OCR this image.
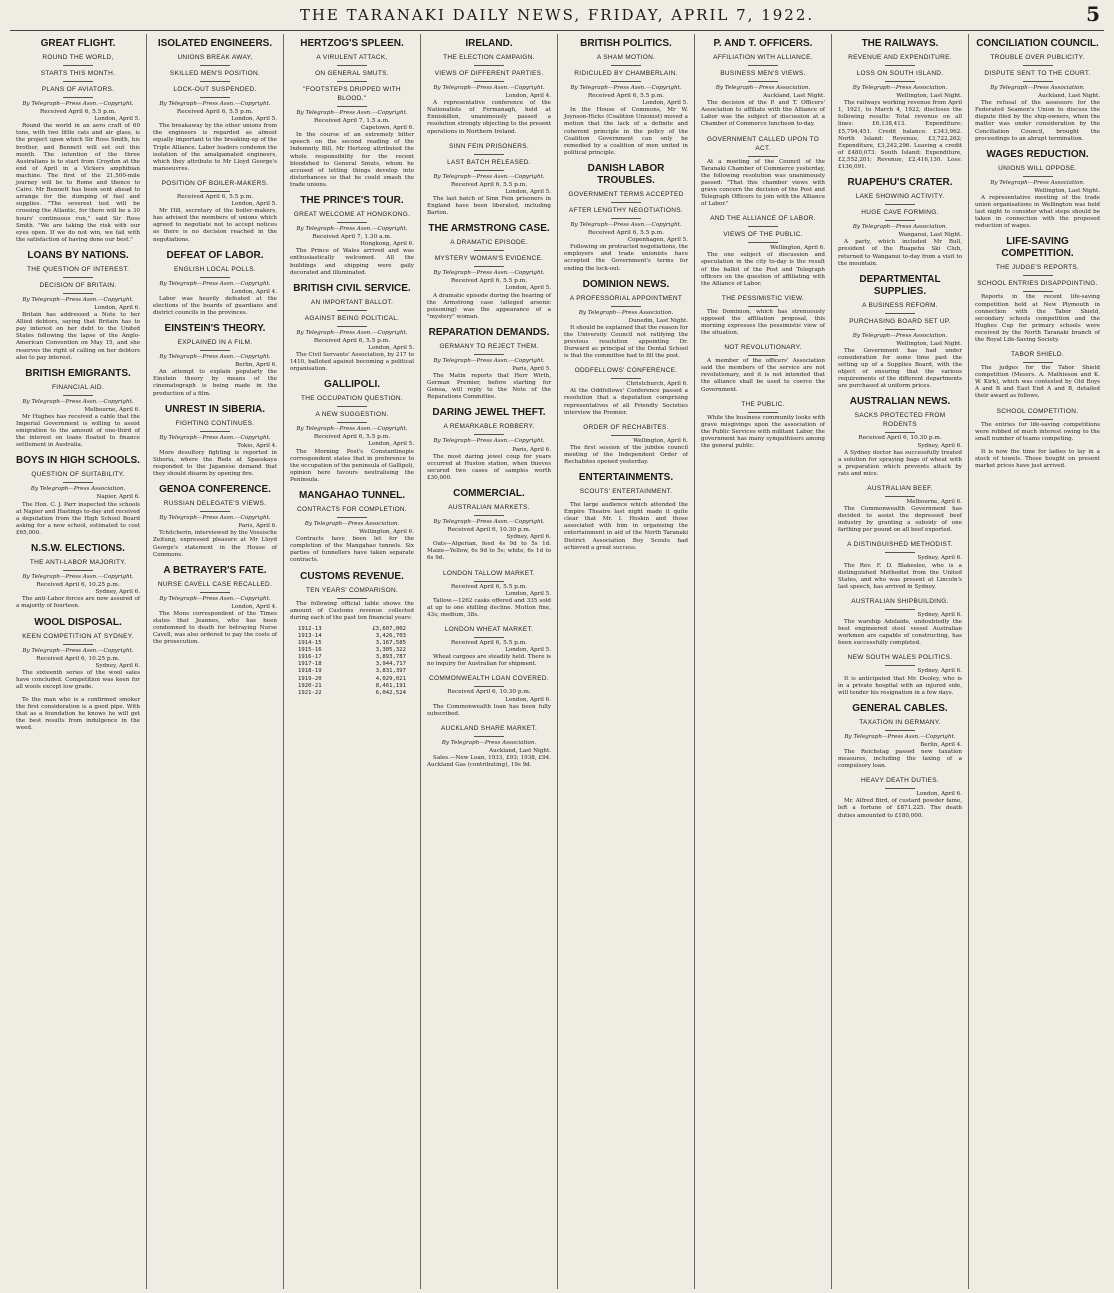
THE TARANAKI DAILY NEWS, FRIDAY, APRIL 7, 1922.	5
GREAT FLIGHT.
ROUND THE WORLD,
STARTS THIS MONTH.
PLANS OF AVIATORS.
By Telegraph—Press Assn.—Copyright.
Received April 6, 5.5 p.m.
London, April 5.
Round the world in an aero craft of 60 tons, with two little cats and air glass, is the project upon which Sir Ross Smith, his brother, and Bennett will set out this month. The intention of the three Australians is to start from Croydon at the end of April in a Vickers amphibian machine. The first of the 21,500-mile journey will be to Rome and thence to Cairo. Mr Bennett has been sent ahead to arrange for the dumping of fuel and supplies. "The severest test will be crossing the Atlantic, for there will be a 30 hours' continuous run," said Sir Ross Smith. "We are taking the risk with our eyes open. If we do not win, we fail with the satisfaction of having done our best."
LOANS BY NATIONS.
THE QUESTION OF INTEREST.
DECISION OF BRITAIN.
By Telegraph—Press Assn.—Copyright.
London, April 6.
Britain has addressed a Note to her Allied debtors, saying that Britain has to pay interest on her debt to the United States following the lapse of the Anglo-American Convention on May 15, and she reserves the right of calling on her debtors also to pay interest.
BRITISH EMIGRANTS.
FINANCIAL AID.
By Telegraph—Press Assn.—Copyright.
Melbourne, April 6.
Mr Hughes has received a cable that the Imperial Government is willing to assist emigration to the amount of one-third of the interest on loans floated to finance settlement in Australia.
BOYS IN HIGH SCHOOLS.
QUESTION OF SUITABILITY.
By Telegraph—Press Association.
Napier, April 6.
The Hon. C. J. Parr inspected the schools at Napier and Hastings to-day and received a deputation from the High School Board asking for a new school, estimated to cost £65,000.
N.S.W. ELECTIONS.
THE ANTI-LABOR MAJORITY.
By Telegraph—Press Assn.—Copyright.
Received April 6, 10.25 p.m.
Sydney, April 6.
The anti-Labor forces are now assured of a majority of fourteen.
WOOL DISPOSAL.
KEEN COMPETITION AT SYDNEY.
By Telegraph—Press Assn.—Copyright.
Received April 6, 10.25 p.m.
Sydney, April 6.
The sixteenth series of the wool sales have concluded. Competition was keen for all wools except low grade.
To the man who is a confirmed smoker the first consideration is a good pipe. With that as a foundation he knows he will get the best results from indulgence in the weed.
ISOLATED ENGINEERS.
UNIONS BREAK AWAY,
SKILLED MEN'S POSITION.
LOCK-OUT SUSPENDED.
By Telegraph—Press Assn.—Copyright.
Received April 6, 5.5 p.m.
London, April 5.
The breakaway by the other unions from the engineers is regarded as almost equally important to the breaking-up of the Triple Alliance. Labor leaders condemn the isolation of the amalgamated engineers, which they attribute to Mr Lloyd George's manoeuvres.
POSITION OF BOILER-MAKERS.
Received April 6, 5.5 p.m.
London, April 5.
Mr Hill, secretary of the boiler-makers, has advised the members of unions which agreed to negotiate not to accept notices as there is no decision reached in the negotiations.
DEFEAT OF LABOR.
ENGLISH LOCAL POLLS.
By Telegraph—Press Assn.—Copyright.
London, April 4.
Labor was heavily defeated at the elections of the boards of guardians and district councils in the provinces.
EINSTEIN'S THEORY.
EXPLAINED IN A FILM.
By Telegraph—Press Assn.—Copyright.
Berlin, April 6.
An attempt to explain popularly the Einstein theory by means of the cinematograph is being made in the production of a film.
UNREST IN SIBERIA.
FIGHTING CONTINUES.
By Telegraph—Press Assn.—Copyright.
Tokio, April 4.
More desultory fighting is reported in Siberia, where the Reds at Spasskaya responded to the Japanese demand that they should disarm by opening fire.
GENOA CONFERENCE.
RUSSIAN DELEGATE'S VIEWS.
By Telegraph—Press Assn.—Copyright.
Paris, April 6.
Tchitcherin, interviewed by the Vossische Zeitung, expressed pleasure at Mr Lloyd George's statement in the House of Commons.
A BETRAYER'S FATE.
NURSE CAVELL CASE RECALLED.
By Telegraph—Press Assn.—Copyright.
London, April 4.
The Mons correspondent of the Times states that Jeannes, who has been condemned to death for betraying Nurse Cavell, was also ordered to pay the costs of the prosecution.
HERTZOG'S SPLEEN.
A VIRULENT ATTACK,
ON GENERAL SMUTS.
"FOOTSTEPS DRIPPED WITH BLOOD."
By Telegraph—Press Assn.—Copyright.
Received April 7, 1.5 a.m.
Capetown, April 6.
In the course of an extremely bitter speech on the second reading of the Indemnity Bill, Mr Hertzog attributed the whole responsibility for the recent bloodshed to General Smuts, whom he accused of letting things develop into disturbances so that he could smash the trade unions.
THE PRINCE'S TOUR.
GREAT WELCOME AT HONGKONG.
By Telegraph—Press Assn.—Copyright.
Received April 7, 1.30 a.m.
Hongkong, April 6.
The Prince of Wales arrived and was enthusiastically welcomed. All the buildings and shipping were gaily decorated and illuminated.
BRITISH CIVIL SERVICE.
AN IMPORTANT BALLOT.
AGAINST BEING POLITICAL.
By Telegraph—Press Assn.—Copyright.
Received April 6, 5.5 p.m.
London, April 5.
The Civil Servants' Association, by 217 to 1410, balloted against becoming a political organisation.
GALLIPOLI.
THE OCCUPATION QUESTION.
A NEW SUGGESTION.
By Telegraph—Press Assn.—Copyright.
Received April 6, 5.5 p.m.
London, April 5.
The Morning Post's Constantinople correspondent states that in preference to the occupation of the peninsula of Gallipoli, opinion here favours neutralising the Peninsula.
MANGAHAO TUNNEL.
CONTRACTS FOR COMPLETION.
By Telegraph—Press Association.
Wellington, April 6.
Contracts have been let for the completion of the Mangahao tunnels. Six parties of tunnellers have taken separate contracts.
CUSTOMS REVENUE.
TEN YEARS' COMPARISON.
The following official table shows the amount of Customs revenue collected during each of the past ten financial years:
1912-13	£3,607,002
1913-14	3,426,703
1914-15	3,167,585
1915-16	3,305,322
1916-17	3,893,787
1917-18	3,944,717
1918-19	3,831,397
1919-20	4,029,021
1920-21	8,461,191
1921-22	6,042,524
IRELAND.
THE ELECTION CAMPAIGN.
VIEWS OF DIFFERENT PARTIES.
By Telegraph—Press Assn.—Copyright.
London, April 4.
A representative conference of the Nationalists of Fermanagh, held at Enniskillen, unanimously passed a resolution strongly objecting to the present operations in Northern Ireland.
SINN FEIN PRISONERS.
LAST BATCH RELEASED.
By Telegraph—Press Assn.—Copyright.
Received April 6, 5.5 p.m.
London, April 5.
The last batch of Sinn Fein prisoners in England have been liberated, including Barton.
THE ARMSTRONG CASE.
A DRAMATIC EPISODE.
MYSTERY WOMAN'S EVIDENCE.
By Telegraph—Press Assn.—Copyright.
Received April 6, 5.5 p.m.
London, April 5.
A dramatic episode during the hearing of the Armstrong case (alleged arsenic poisoning) was the appearance of a "mystery" woman.
REPARATION DEMANDS.
GERMANY TO REJECT THEM.
By Telegraph—Press Assn.—Copyright.
Paris, April 5.
The Matin reports that Herr Wirth, German Premier, before starting for Genoa, will reply to the Note of the Reparations Committee.
DARING JEWEL THEFT.
A REMARKABLE ROBBERY.
By Telegraph—Press Assn.—Copyright.
Paris, April 6.
The most daring jewel coup for years occurred at Huston station, when thieves secured two cases of samples worth £30,000.
COMMERCIAL.
AUSTRALIAN MARKETS.
By Telegraph—Press Assn.—Copyright.
Received April 6, 10.30 p.m.
Sydney, April 6.
Oats—Algerian, feed 4s 9d to 5s 1d. Maize—Yellow, 6s 9d to 5s; white, 6s 1d to 6s 9d.
LONDON TALLOW MARKET.
Received April 6, 5.5 p.m.
London, April 5.
Tallow.—1262 casks offered and 335 sold at up to one shilling decline. Mutton fine, 43s; medium, 38s.
LONDON WHEAT MARKET.
Received April 6, 5.5 p.m.
London, April 5.
Wheat cargoes are steadily held. There is no inquiry for Australian for shipment.
COMMONWEALTH LOAN COVERED.
Received April 6, 10.30 p.m.
London, April 6.
The Commonwealth loan has been fully subscribed.
AUCKLAND SHARE MARKET.
By Telegraph—Press Association.
Auckland, Last Night.
Sales.—New Loan, 1933, £93; 1938, £94. Auckland Gas (contributing), 19s 9d.
BRITISH POLITICS.
A SHAM MOTION.
RIDICULED BY CHAMBERLAIN.
By Telegraph—Press Assn.—Copyright.
Received April 6, 5.5 p.m.
London, April 5.
In the House of Commons, Mr W. Joynson-Hicks (Coalition Unionist) moved a motion that the lack of a definite and coherent principle in the policy of the Coalition Government can only be remedied by a coalition of men united in political principle.
DANISH LABOR TROUBLES.
GOVERNMENT TERMS ACCEPTED
AFTER LENGTHY NEGOTIATIONS.
By Telegraph—Press Assn.—Copyright.
Received April 6, 5.5 p.m.
Copenhagen, April 5.
Following on protracted negotiations, the employers and trade unionists have accepted the Government's terms for ending the lock-out.
DOMINION NEWS.
A PROFESSORIAL APPOINTMENT
By Telegraph—Press Association.
Dunedin, Last Night.
It should be explained that the reason for the University Council not ratifying the previous resolution appointing Dr. Durward as principal of the Dental School is that the committee had to fill the post.
ODDFELLOWS' CONFERENCE.
Christchurch, April 6.
At the Oddfellows' Conference passed a resolution that a deputation comprising representatives of all Friendly Societies interview the Premier.
ORDER OF RECHABITES.
Wellington, April 6.
The first session of the jubilee council meeting of the Independent Order of Rechabites opened yesterday.
ENTERTAINMENTS.
SCOUTS' ENTERTAINMENT.
The large audience which attended the Empire Theatre last night made it quite clear that Mr. I. Hoskin and those associated with him in organising the entertainment in aid of the North Taranaki District Association Boy Scouts had achieved a great success.
P. AND T. OFFICERS.
AFFILIATION WITH ALLIANCE.
BUSINESS MEN'S VIEWS.
By Telegraph—Press Association.
Auckland, Last Night.
The decision of the P. and T. Officers' Association to affiliate with the Alliance of Labor was the subject of discussion at a Chamber of Commerce luncheon to-day.
GOVERNMENT CALLED UPON TO ACT.
At a meeting of the Council of the Taranaki Chamber of Commerce yesterday, the following resolution was unanimously passed: "That this chamber views with grave concern the decision of the Post and Telegraph Officers to join with the Alliance of Labor."
AND THE ALLIANCE OF LABOR.
VIEWS OF THE PUBLIC.
Wellington, April 6.
The one subject of discussion and speculation in the city to-day is the result of the ballot of the Post and Telegraph officers on the question of affiliating with the Alliance of Labor.
THE PESSIMISTIC VIEW.
The Dominion, which has strenuously opposed the affiliation proposal, this morning expresses the pessimistic view of the situation.
NOT REVOLUTIONARY.
A member of the officers' Association said the members of the service are not revolutionary, and it is not intended that the alliance shall be used to coerce the Government.
THE PUBLIC.
While the business community looks with grave misgivings upon the association of the Public Services with militant Labor, the government has many sympathisers among the general public.
THE RAILWAYS.
REVENUE AND EXPENDITURE.
LOSS ON SOUTH ISLAND.
By Telegraph—Press Association.
Wellington, Last Night.
The railways working revenue from April 1, 1921, to March 4, 1922, discloses the following results: Total revenue on all lines: £6,138,413. Expenditure: £5,794,451. Credit balance: £343,962. North Island: Revenue, £3,722,262; Expenditure, £3,242,296. Leaving a credit of £480,073. South Island: Expenditure, £2,552,201; Revenue, £2,416,130. Loss: £136,091.
RUAPEHU'S CRATER.
LAKE SHOWING ACTIVITY.
HUGE CAVE FORMING.
By Telegraph—Press Association.
Wanganui, Last Night.
A party, which included Mr Bull, president of the Ruapehu Ski Club, returned to Wanganui to-day from a visit to the mountain.
DEPARTMENTAL SUPPLIES.
A BUSINESS REFORM.
PURCHASING BOARD SET UP.
By Telegraph—Press Association.
Wellington, Last Night.
The Government has had under consideration for some time past the setting up of a Supplies Board, with the object of ensuring that the various requirements of the different departments are purchased at uniform prices.
AUSTRALIAN NEWS.
SACKS PROTECTED FROM RODENTS
Received April 6, 10.30 p.m.
Sydney, April 6.
A Sydney doctor has successfully treated a solution for spraying bags of wheat with a preparation which prevents attack by rats and mice.
AUSTRALIAN BEEF.
Melbourne, April 6.
The Commonwealth Government has decided to assist the depressed beef industry by granting a subsidy of one farthing per pound on all beef exported.
A DISTINGUISHED METHODIST.
Sydney, April 6.
The Rev. F. D. Blakeslee, who is a distinguished Methodist from the United States, and who was present at Lincoln's last speech, has arrived in Sydney.
AUSTRALIAN SHIPBUILDING.
Sydney, April 6.
The warship Adelaide, undoubtedly the best engineered steel vessel Australian workmen are capable of constructing, has been successfully completed.
NEW SOUTH WALES POLITICS.
Sydney, April 6.
It is anticipated that Mr. Dooley, who is in a private hospital with an injured side, will tender his resignation in a few days.
GENERAL CABLES.
TAXATION IN GERMANY.
By Telegraph—Press Assn.—Copyright.
Berlin, April 4.
The Reichstag passed new taxation measures, including the taxing of a compulsory loan.
HEAVY DEATH DUTIES.
London, April 6.
Mr. Alfred Bird, of custard powder fame, left a fortune of £871,225. The death duties amounted to £180,000.
CONCILIATION COUNCIL.
TROUBLE OVER PUBLICITY.
DISPUTE SENT TO THE COURT.
By Telegraph—Press Association.
Auckland, Last Night.
The refusal of the assessors for the Federated Seamen's Union to discuss the dispute filed by the ship-owners, when the matter was under consideration by the Conciliation Council, brought the proceedings to an abrupt termination.
WAGES REDUCTION.
UNIONS WILL OPPOSE.
By Telegraph—Press Association.
Wellington, Last Night.
A representative meeting of the trade union organisations in Wellington was held last night to consider what steps should be taken in connection with the proposed reduction of wages.
LIFE-SAVING COMPETITION.
THE JUDGE'S REPORTS.
SCHOOL ENTRIES DISAPPOINTING.
Reports in the recent life-saving competition held at New Plymouth in connection with the Tabor Shield, secondary schools competition and the Hughes Cup for primary schools were received by the North Taranaki branch of the Royal Life-Saving Society.
TABOR SHIELD.
The judges for the Tabor Shield competition (Messrs. A. Mathieson and K. W. Kirk), which was contested by Old Boys A and B and East End A and B, detailed their award as follows.
SCHOOL COMPETITION.
The entries for life-saving competitions were robbed of much interest owing to the small number of teams competing.
It is now the time for ladies to lay in a stock of towels. Those bought on present market prices have just arrived.
